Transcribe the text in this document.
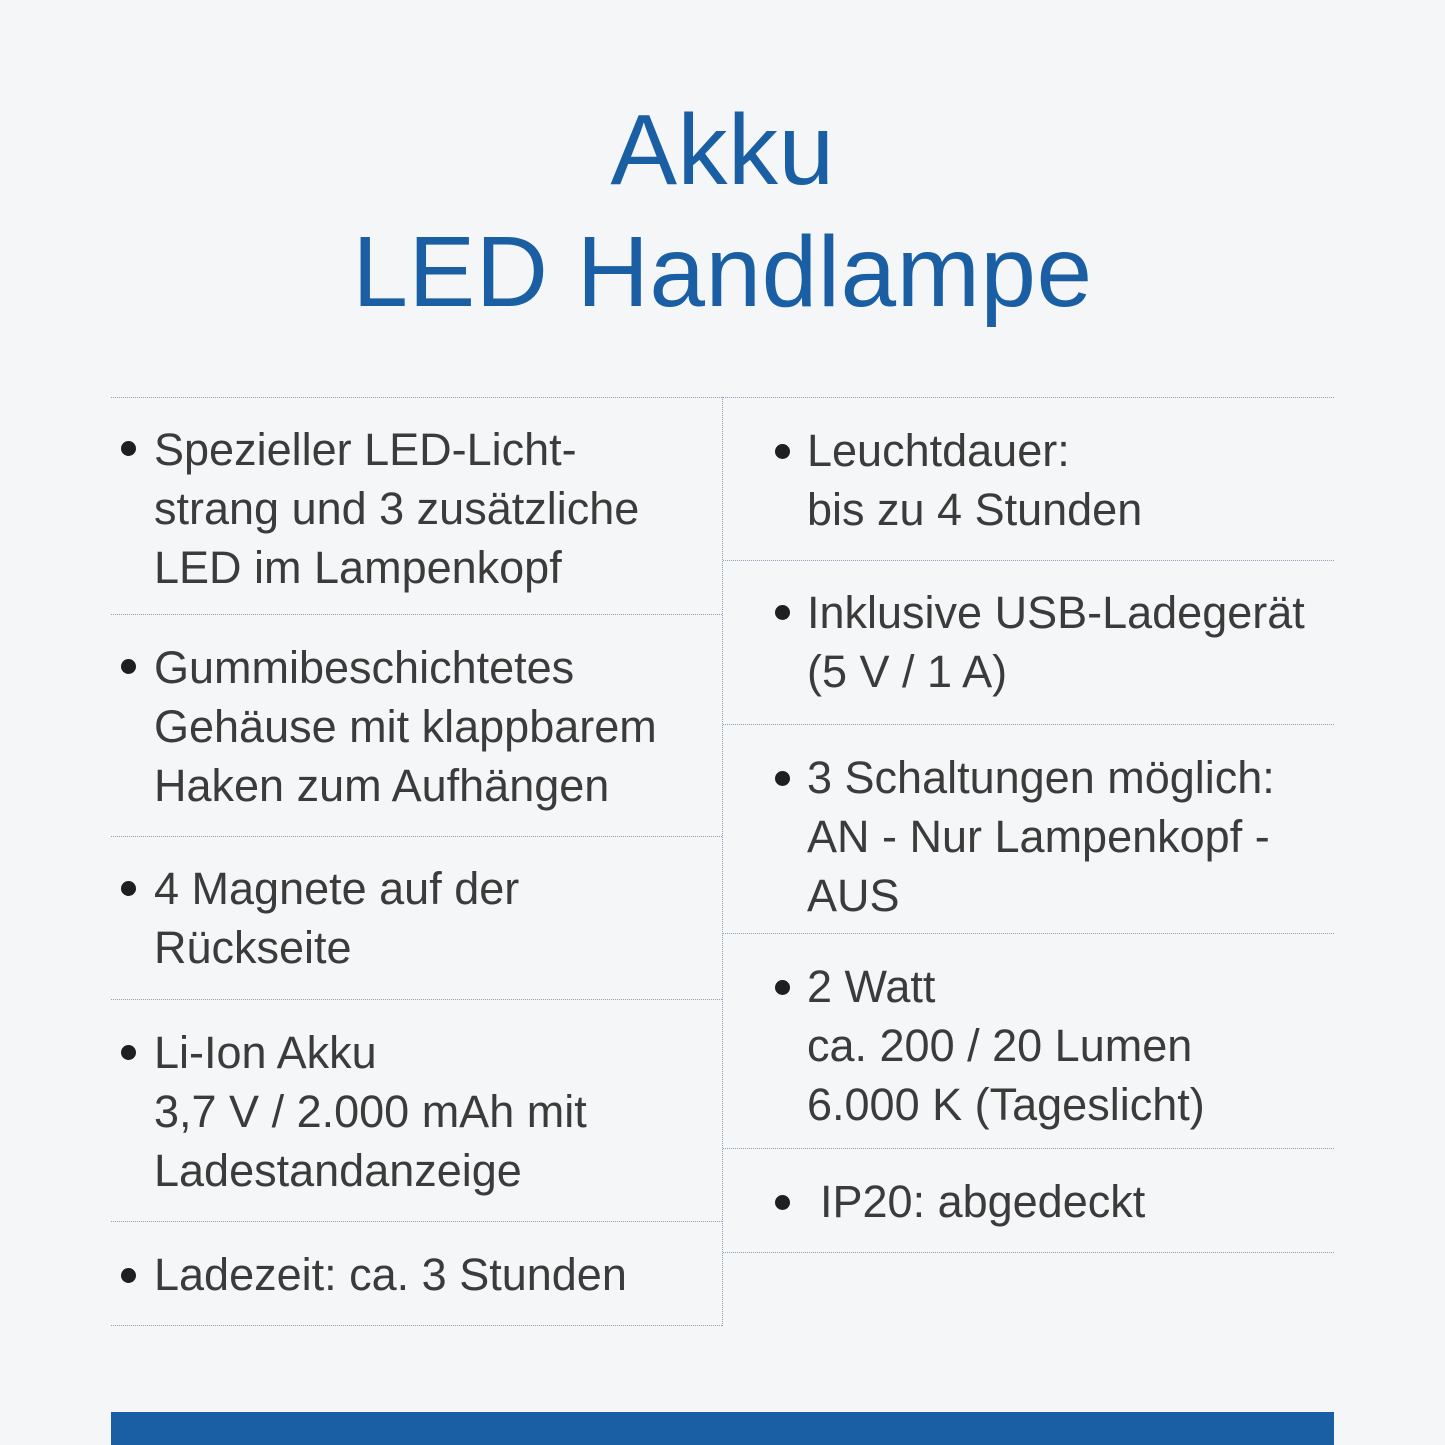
Akku
LED Handlampe
Spezieller LED-Licht-
strang und 3 zusätzliche
LED im Lampenkopf
Gummibeschichtetes
Gehäuse mit klappbarem
Haken zum Aufhängen
4 Magnete auf der
Rückseite
Li-Ion Akku
3,7 V / 2.000 mAh mit
Ladestandanzeige
Ladezeit: ca. 3 Stunden
Leuchtdauer:
bis zu 4 Stunden
Inklusive USB-Ladegerät
(5 V / 1 A)
3 Schaltungen möglich:
AN - Nur Lampenkopf -
AUS
2 Watt
ca. 200 / 20 Lumen
6.000 K (Tageslicht)
IP20: abgedeckt
